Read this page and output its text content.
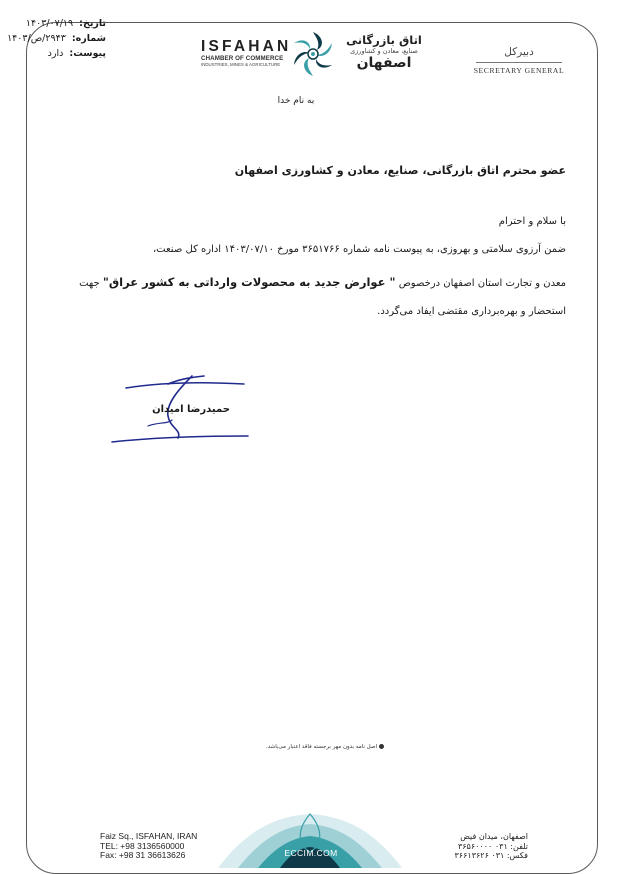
تاریخ: ۱۴۰۳/۰۷/۱۹
شماره: ۲۹۴۳/ص/۱۴۰۳
پیوست: دارد	ISFAHAN
CHAMBER OF COMMERCE
INDUSTRIES, MINES & AGRICULTURE
اتاق بازرگانی
صنایع، معادن و کشاورزی
اصفهان
دبیرکل
SECRETARY GENERAL
به نام خدا
عضو محترم اتاق بازرگانی، صنایع، معادن و کشاورزی اصفهان
با سلام و احترام
ضمن آرزوی سلامتی و بهروزی، به پیوست نامه شماره ۳۶۵۱۷۶۶ مورخ ۱۴۰۳/۰۷/۱۰ اداره کل صنعت،
معدن و تجارت استان اصفهان درخصوص " عوارض جدید به محصولات وارداتی به کشور عراق" جهت
استحضار و بهره‌برداری مقتضی ایفاد می‌گردد.
حمیدرضا امیدان
اصل نامه بدون مهر برجسته فاقد اعتبار می‌باشد.
ECCIM.COM
Faiz Sq., ISFAHAN, IRAN
TEL: +98 3136560000
Fax: +98 31 36613626
اصفهان، میدان فیض
تلفن: ۰۳۱ ۳۶۵۶۰۰۰۰
فکس: ۰۳۱ ۳۶۶۱۳۶۲۶
